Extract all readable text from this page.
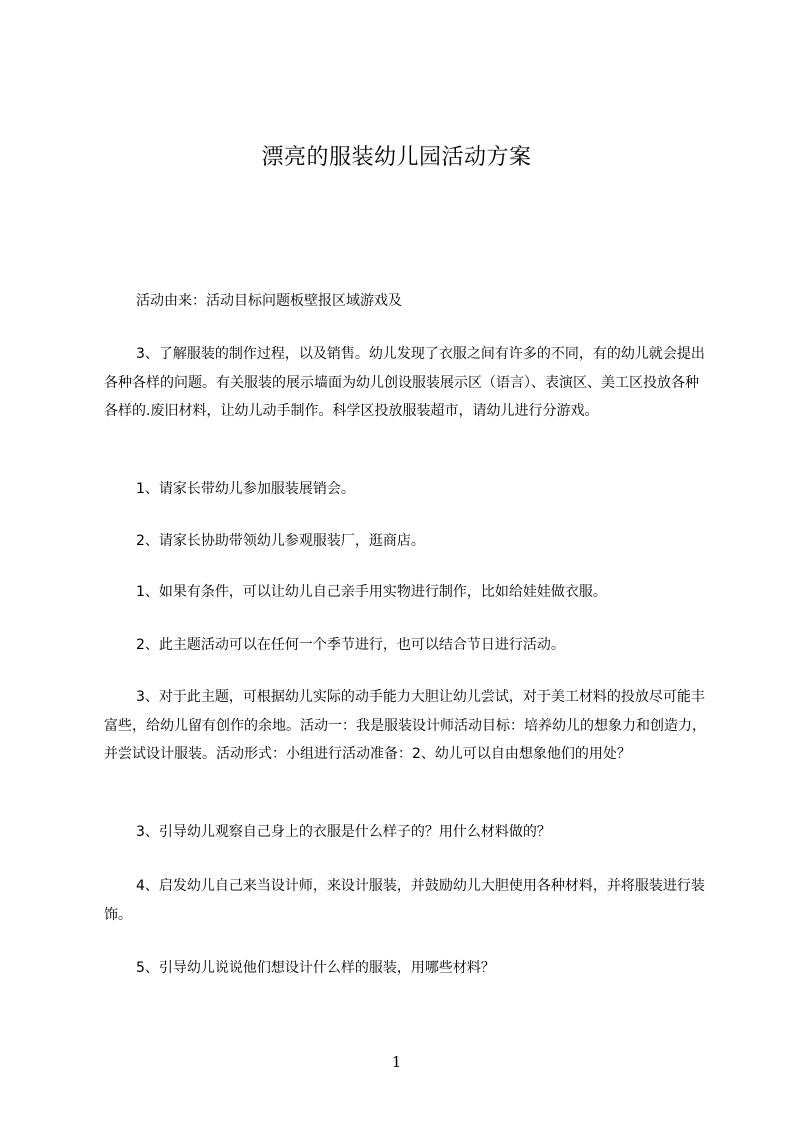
漂亮的服装幼儿园活动方案

活动由来：活动目标问题板壁报区域游戏及

3、了解服装的制作过程，以及销售。幼儿发现了衣服之间有许多的不同，有的幼儿就会提出各种各样的问题。有关服装的展示墙面为幼儿创设服装展示区（语言）、表演区、美工区投放各种各样的.废旧材料，让幼儿动手制作。科学区投放服装超市，请幼儿进行分游戏。

1、请家长带幼儿参加服装展销会。

2、请家长协助带领幼儿参观服装厂，逛商店。

1、如果有条件，可以让幼儿自己亲手用实物进行制作，比如给娃娃做衣服。

2、此主题活动可以在任何一个季节进行，也可以结合节日进行活动。

3、对于此主题，可根据幼儿实际的动手能力大胆让幼儿尝试，对于美工材料的投放尽可能丰富些，给幼儿留有创作的余地。活动一：我是服装设计师活动目标：培养幼儿的想象力和创造力，并尝试设计服装。活动形式：小组进行活动准备：2、幼儿可以自由想象他们的用处？

3、引导幼儿观察自己身上的衣服是什么样子的？用什么材料做的？

4、启发幼儿自己来当设计师，来设计服装，并鼓励幼儿大胆使用各种材料，并将服装进行装饰。

5、引导幼儿说说他们想设计什么样的服装，用哪些材料？

1
